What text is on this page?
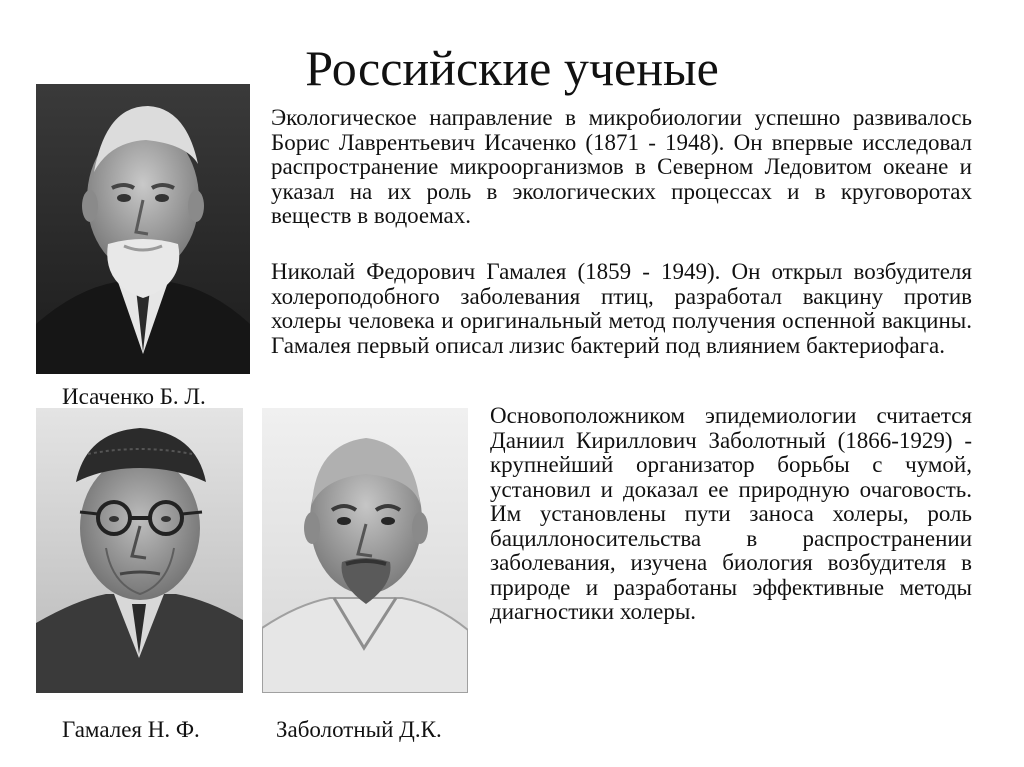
Российские ученые
Исаченко Б. Л.
Гамалея Н. Ф.	Заболотный Д.К.
Экологическое направление в микробиологии успешно развивалось Борис Лаврентьевич Исаченко (1871 - 1948). Он впервые исследовал распространение микроорганизмов в Северном Ледовитом океане и указал на их роль в экологических процессах и в круговоротах веществ в водоемах.
Николай Федорович Гамалея (1859 - 1949). Он открыл возбудителя холероподобного заболевания птиц, разработал вакцину против холеры человека и оригинальный метод получения оспенной вакцины. Гамалея первый описал лизис бактерий под влиянием бактериофага.
Основоположником эпидемиологии считается Даниил Кириллович Заболотный (1866-1929) - крупнейший организатор борьбы с чумой, установил и доказал ее природную очаговость. Им установлены пути заноса холеры, роль бациллоносительства в распространении заболевания, изучена биология возбудителя в природе и разработаны эффективные методы диагностики холеры.
